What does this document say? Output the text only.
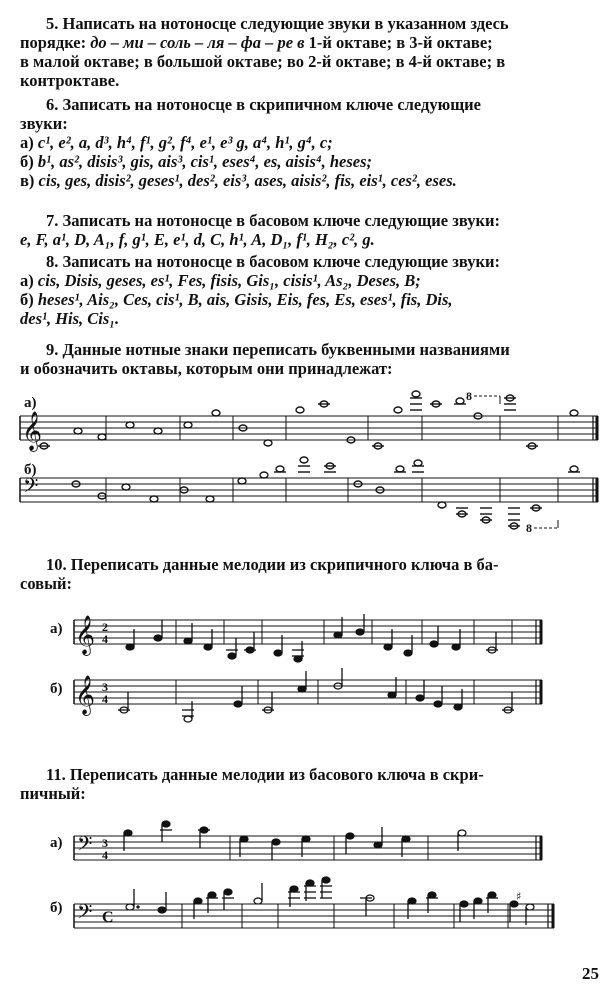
5. Написать на нотоносце следующие звуки в указанном здесь
порядке: до – ми – соль – ля – фа – ре в 1-й октаве; в 3-й октаве;
в малой октаве; в большой октаве; во 2-й октаве; в 4-й октаве; в
контроктаве.
6. Записать на нотоносце в скрипичном ключе следующие
звуки:
а) c¹, e², a, d³, h⁴, f¹, g², f⁴, e¹, e³ g, a⁴, h¹, g⁴, c;
б) b¹, as², disis³, gis, ais³, cis¹, eses⁴, es, aisis⁴, heses;
в) cis, ges, disis², geses¹, des², eis³, ases, aisis², fis, eis¹, ces², eses.
7. Записать на нотоносце в басовом ключе следующие звуки:
e, F, a¹, D, A₁, f, g¹, E, e¹, d, C, h¹, A, D₁, f¹, H₂, c², g.
8. Записать на нотоносце в басовом ключе следующие звуки:
а) cis, Disis, geses, es¹, Fes, fisis, Gis₁, cisis¹, As₂, Deses, B;
б) heses¹, Ais₂, Ces, cis¹, B, ais, Gisis, Eis, fes, Es, eses¹, fis, Dis,
des¹, His, Cis₁.
9. Данные нотные знаки переписать буквенными названиями
и обозначить октавы, которым они принадлежат:
а)
б)
𝄞
8
𝄢
8
10. Переписать данные мелодии из скрипичного ключа в ба-
совый:
а)
б)
𝄞 2
4
𝄞 3
4
11. Переписать данные мелодии из басового ключа в скри-
пичный:
а)
б)
𝄢 3
4
𝄢 C
♯
25
